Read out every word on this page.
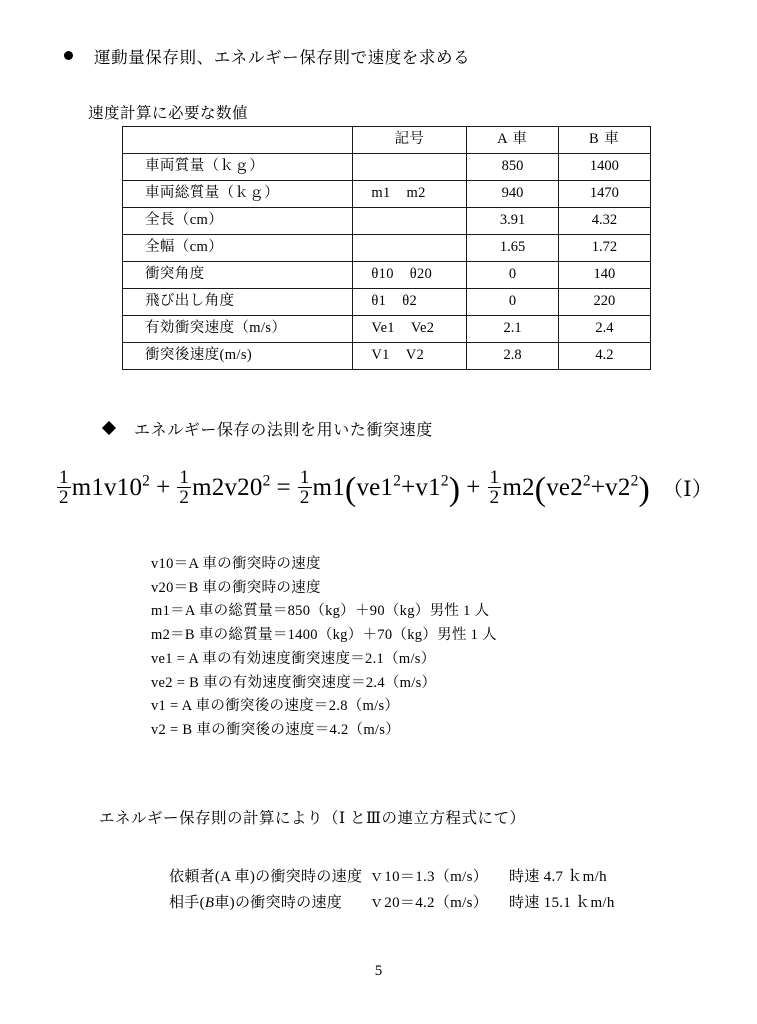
運動量保存則、エネルギー保存則で速度を求める
速度計算に必要な数値
	記号	A 車	B 車
車両質量（ｋｇ）		850	1400
車両総質量（ｋｇ）	m1 m2	940	1470
全長（cm）		3.91	4.32
全幅（cm）		1.65	1.72
衝突角度	θ10 θ20	0	140
飛び出し角度	θ1 θ2	0	220
有効衝突速度（m/s）	Ve1 Ve2	2.1	2.4
衝突後速度(m/s)	V1 V2	2.8	4.2
エネルギー保存の法則を用いた衝突速度
$\frac{1}{2} m1v10^2 + \frac{1}{2} m2v20^2 = \frac{1}{2} m1$ ( $ve1^2 + v1^2$ ) + $\frac{1}{2} m2$ ( $ve2^2 + v2^2$ ) （Ⅰ）
v10＝A 車の衝突時の速度
v20＝B 車の衝突時の速度
m1＝A 車の総質量＝850（kg）＋90（kg）男性 1 人
m2＝B 車の総質量＝1400（kg）＋70（kg）男性 1 人
ve1 = A 車の有効速度衝突速度＝2.1（m/s）
ve2 = B 車の有効速度衝突速度＝2.4（m/s）
v1 = A 車の衝突後の速度＝2.8（m/s）
v2 = B 車の衝突後の速度＝4.2（m/s）
エネルギー保存則の計算により（Ⅰ とⅢの連立方程式にて）
依頼者(A 車)の衝突時の速度 ｖ10＝1.3（m/s）	時速 4.7 ｋm/h
相手(B車)の衝突時の速度	ｖ20＝4.2（m/s）	時速 15.1 ｋm/h
5
